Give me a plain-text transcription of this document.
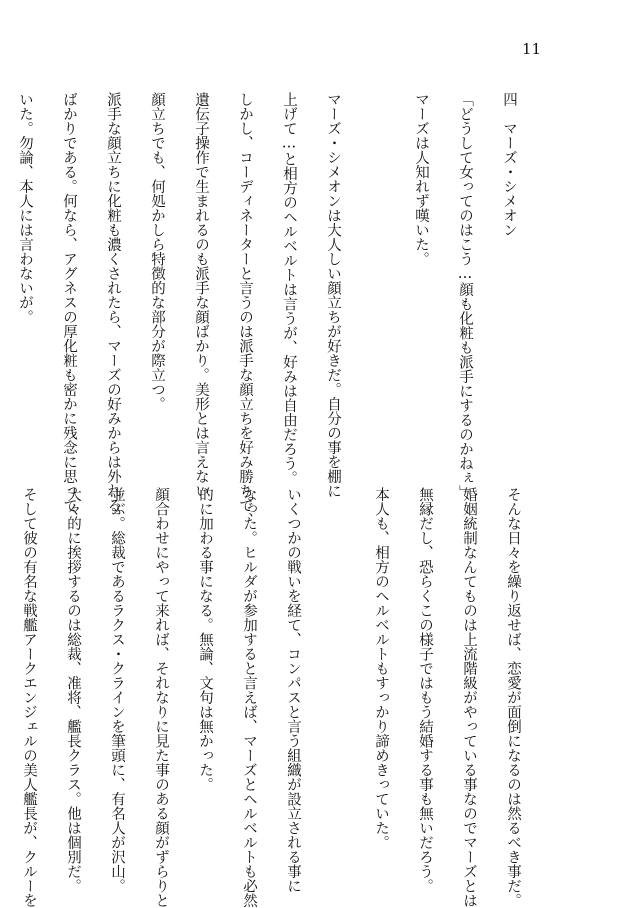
11

四　マーズ・シメオン

「どうして女ってのはこう…顔も化粧も派手にするのかねぇ」

マーズは人知れず嘆いた。

マーズ・シメオンは大人しい顔立ちが好きだ。自分の事を棚に

上げて…と相方のヘルベルトは言うが、好みは自由だろう。

しかし、コーディネーターと言うのは派手な顔立ちを好み勝ちで、

遺伝子操作で生まれるのも派手な顔ばかり。美形とは言えない

顔立ちでも、何処かしら特徴的な部分が際立つ。

派手な顔立ちに化粧も濃くされたら、マーズの好みからは外れる

ばかりである。何なら、アグネスの厚化粧も密かに残念に思って

いた。勿論、本人には言わないが。

そんな日々を繰り返せば、恋愛が面倒になるのは然るべき事だ。

婚姻統制なんてものは上流階級がやっている事なのでマーズとは

無縁だし、恐らくこの様子ではもう結婚する事も無いだろう。

本人も、相方のヘルベルトもすっかり諦めきっていた。

いくつかの戦いを経て、コンパスと言う組織が設立される事に

なった。ヒルダが参加すると言えば、マーズとヘルベルトも必然

的に加わる事になる。無論、文句は無かった。

顔合わせにやって来れば、それなりに見た事のある顔がずらりと

並ぶ。総裁であるラクス・クラインを筆頭に、有名人が沢山。

大々的に挨拶するのは総裁、准将、艦長クラス。他は個別だ。

そして彼の有名な戦艦アークエンジェルの美人艦長が、クルーを
